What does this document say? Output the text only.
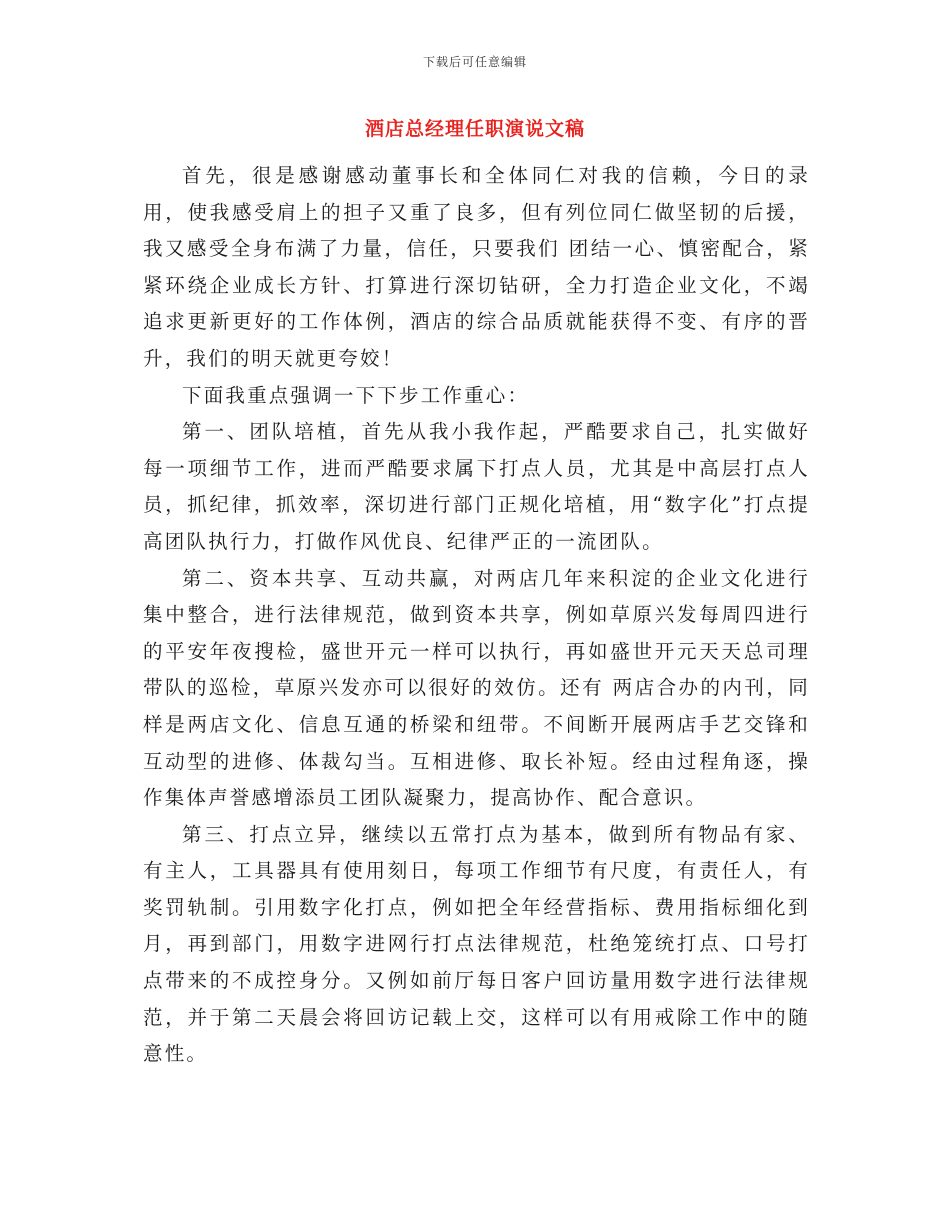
下载后可任意编辑
酒店总经理任职演说文稿

首先，很是感谢感动董事长和全体同仁对我的信赖，今日的录用，使我感受肩上的担子又重了良多，但有列位同仁做坚韧的后援，我又感受全身布满了力量，信任，只要我们 团结一心、慎密配合，紧紧环绕企业成长方针、打算进行深切钻研，全力打造企业文化，不竭追求更新更好的工作体例，酒店的综合品质就能获得不变、有序的晋升，我们的明天就更夸姣！

下面我重点强调一下下步工作重心：

第一、团队培植，首先从我小我作起，严酷要求自己，扎实做好每一项细节工作，进而严酷要求属下打点人员，尤其是中高层打点人员，抓纪律，抓效率，深切进行部门正规化培植，用“数字化”打点提高团队执行力，打做作风优良、纪律严正的一流团队。

第二、资本共享、互动共赢，对两店几年来积淀的企业文化进行集中整合，进行法律规范，做到资本共享，例如草原兴发每周四进行的平安年夜搜检，盛世开元一样可以执行，再如盛世开元天天总司理带队的巡检，草原兴发亦可以很好的效仿。还有 两店合办的内刊，同样是两店文化、信息互通的桥梁和纽带。不间断开展两店手艺交锋和互动型的进修、体裁勾当。互相进修、取长补短。经由过程角逐，操作集体声誉感增添员工团队凝聚力，提高协作、配合意识。

第三、打点立异，继续以五常打点为基本，做到所有物品有家、有主人，工具器具有使用刻日，每项工作细节有尺度，有责任人，有奖罚轨制。引用数字化打点，例如把全年经营指标、费用指标细化到月，再到部门，用数字进网行打点法律规范，杜绝笼统打点、口号打点带来的不成控身分。又例如前厅每日客户回访量用数字进行法律规范，并于第二天晨会将回访记载上交，这样可以有用戒除工作中的随意性。
